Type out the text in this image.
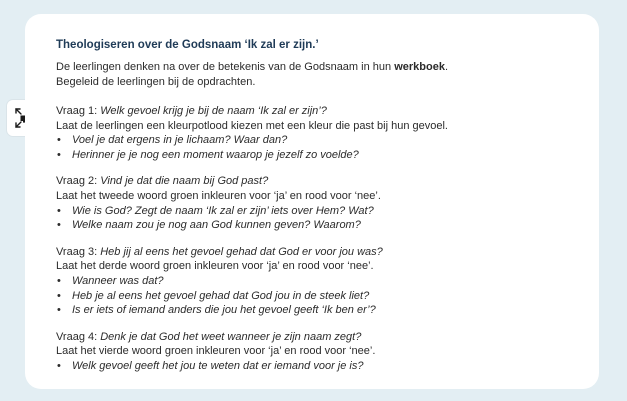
Theologiseren over de Godsnaam ‘Ik zal er zijn.’
De leerlingen denken na over de betekenis van de Godsnaam in hun werkboek.
Begeleid de leerlingen bij de opdrachten.
Vraag 1: Welk gevoel krijg je bij de naam ‘Ik zal er zijn’?
Laat de leerlingen een kleurpotlood kiezen met een kleur die past bij hun gevoel.
• Voel je dat ergens in je lichaam? Waar dan?
• Herinner je je nog een moment waarop je jezelf zo voelde?
Vraag 2: Vind je dat die naam bij God past?
Laat het tweede woord groen inkleuren voor ‘ja’ en rood voor ‘nee’.
• Wie is God? Zegt de naam ‘Ik zal er zijn’ iets over Hem? Wat?
• Welke naam zou je nog aan God kunnen geven? Waarom?
Vraag 3: Heb jij al eens het gevoel gehad dat God er voor jou was?
Laat het derde woord groen inkleuren voor ‘ja’ en rood voor ‘nee’.
• Wanneer was dat?
• Heb je al eens het gevoel gehad dat God jou in de steek liet?
• Is er iets of iemand anders die jou het gevoel geeft ‘Ik ben er’?
Vraag 4: Denk je dat God het weet wanneer je zijn naam zegt?
Laat het vierde woord groen inkleuren voor ‘ja’ en rood voor ‘nee’.
• Welk gevoel geeft het jou te weten dat er iemand voor je is?
